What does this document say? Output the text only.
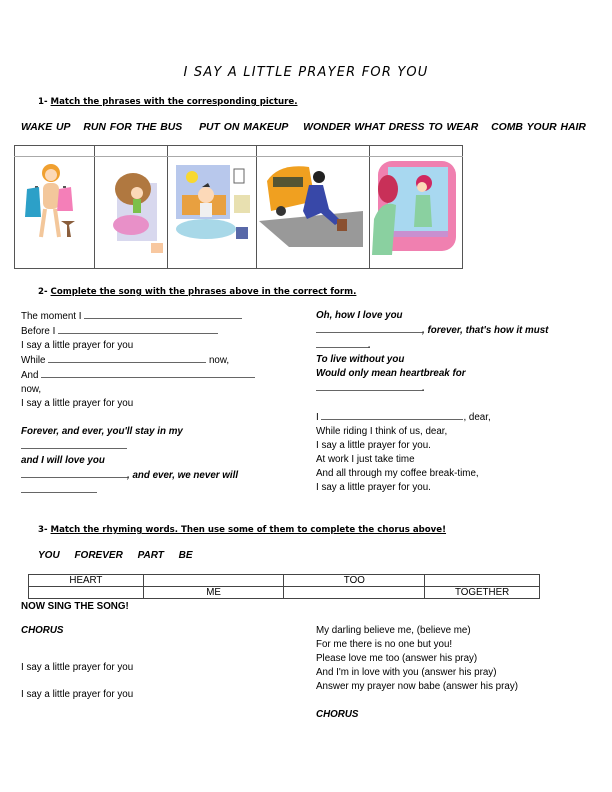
I SAY A LITTLE PRAYER FOR YOU
1- Match the phrases with the corresponding picture.
WAKE UP RUN FOR THE BUS PUT ON MAKEUP WONDER WHAT DRESS TO WEAR COMB YOUR HAIR

2- Complete the song with the phrases above in the correct form.
The moment I
Before I
I say a little prayer for you
While	now,
And
now,
I say a little prayer for you
Forever, and ever, you'll stay in my
and I will love you
, and ever, we never will
Oh, how I love you
, forever, that's how it must
.
To live without you
Would only mean heartbreak for
.
I	, dear,
While riding I think of us, dear,
I say a little prayer for you.
At work I just take time
And all through my coffee break-time,
I say a little prayer for you.
3- Match the rhyming words. Then use some of them to complete the chorus above!
YOU FOREVER PART BE
HEART		TOO	
	ME		TOGETHER
NOW SING THE SONG!
CHORUS
I say a little prayer for you
I say a little prayer for you
My darling believe me, (believe me)
For me there is no one but you!
Please love me too (answer his pray)
And I'm in love with you (answer his pray)
Answer my prayer now babe (answer his pray)
CHORUS
